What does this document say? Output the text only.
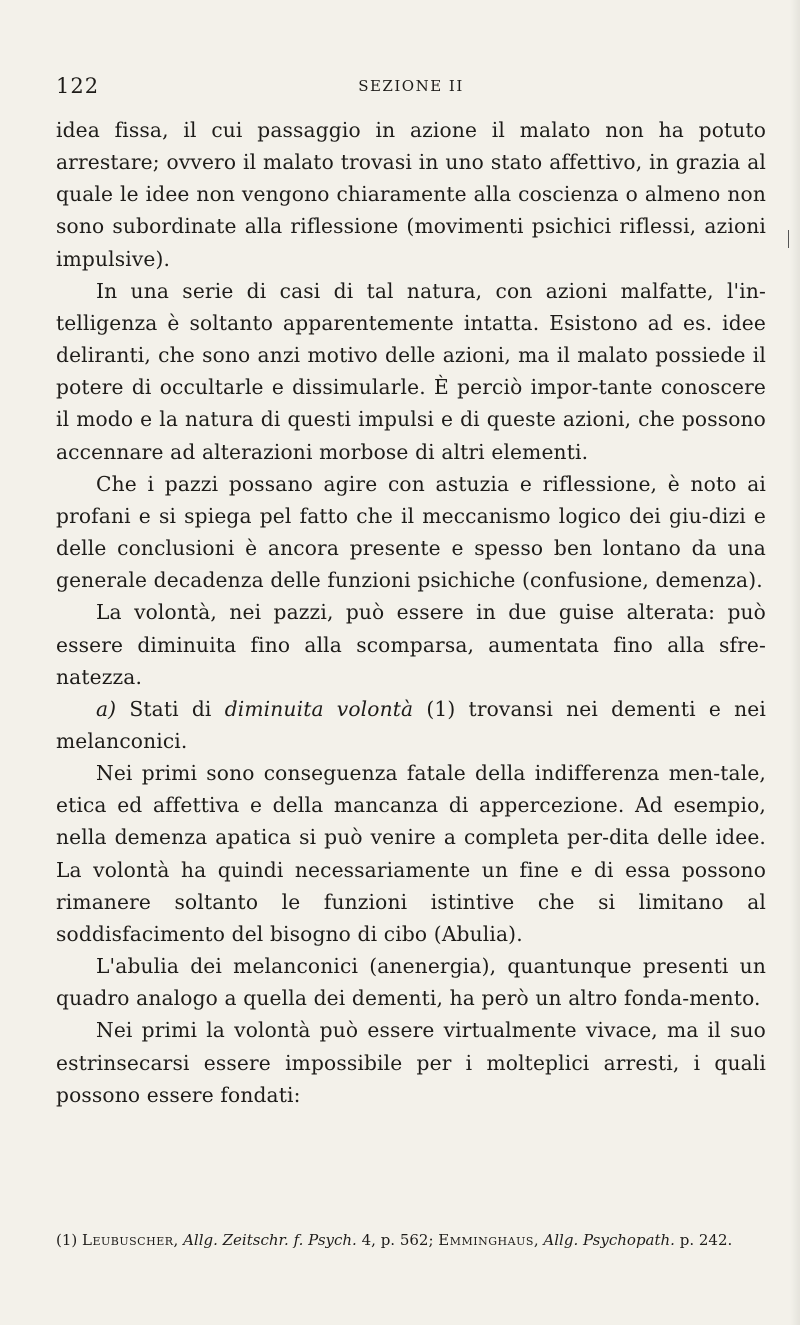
122	SEZIONE II

idea fissa, il cui passaggio in azione il malato non ha potuto arrestare; ovvero il malato trovasi in uno stato affettivo, in grazia al quale le idee non vengono chiaramente alla coscienza o almeno non sono subordinate alla riflessione (movimenti psichici riflessi, azioni impulsive).

In una serie di casi di tal natura, con azioni malfatte, l'in-telligenza è soltanto apparentemente intatta. Esistono ad es. idee deliranti, che sono anzi motivo delle azioni, ma il malato possiede il potere di occultarle e dissimularle. È perciò impor-tante conoscere il modo e la natura di questi impulsi e di queste azioni, che possono accennare ad alterazioni morbose di altri elementi.

Che i pazzi possano agire con astuzia e riflessione, è noto ai profani e si spiega pel fatto che il meccanismo logico dei giu-dizi e delle conclusioni è ancora presente e spesso ben lontano da una generale decadenza delle funzioni psichiche (confusione, demenza).

La volontà, nei pazzi, può essere in due guise alterata: può essere diminuita fino alla scomparsa, aumentata fino alla sfre-natezza.

a) Stati di diminuita volontà (1) trovansi nei dementi e nei melanconici.

Nei primi sono conseguenza fatale della indifferenza men-tale, etica ed affettiva e della mancanza di appercezione. Ad esempio, nella demenza apatica si può venire a completa per-dita delle idee. La volontà ha quindi necessariamente un fine e di essa possono rimanere soltanto le funzioni istintive che si limitano al soddisfacimento del bisogno di cibo (Abulia).

L'abulia dei melanconici (anenergia), quantunque presenti un quadro analogo a quella dei dementi, ha però un altro fonda-mento.

Nei primi la volontà può essere virtualmente vivace, ma il suo estrinsecarsi essere impossibile per i molteplici arresti, i quali possono essere fondati:

(1) Leubuscher, Allg. Zeitschr. f. Psych. 4, p. 562; Emminghaus, Allg. Psychopath. p. 242.
